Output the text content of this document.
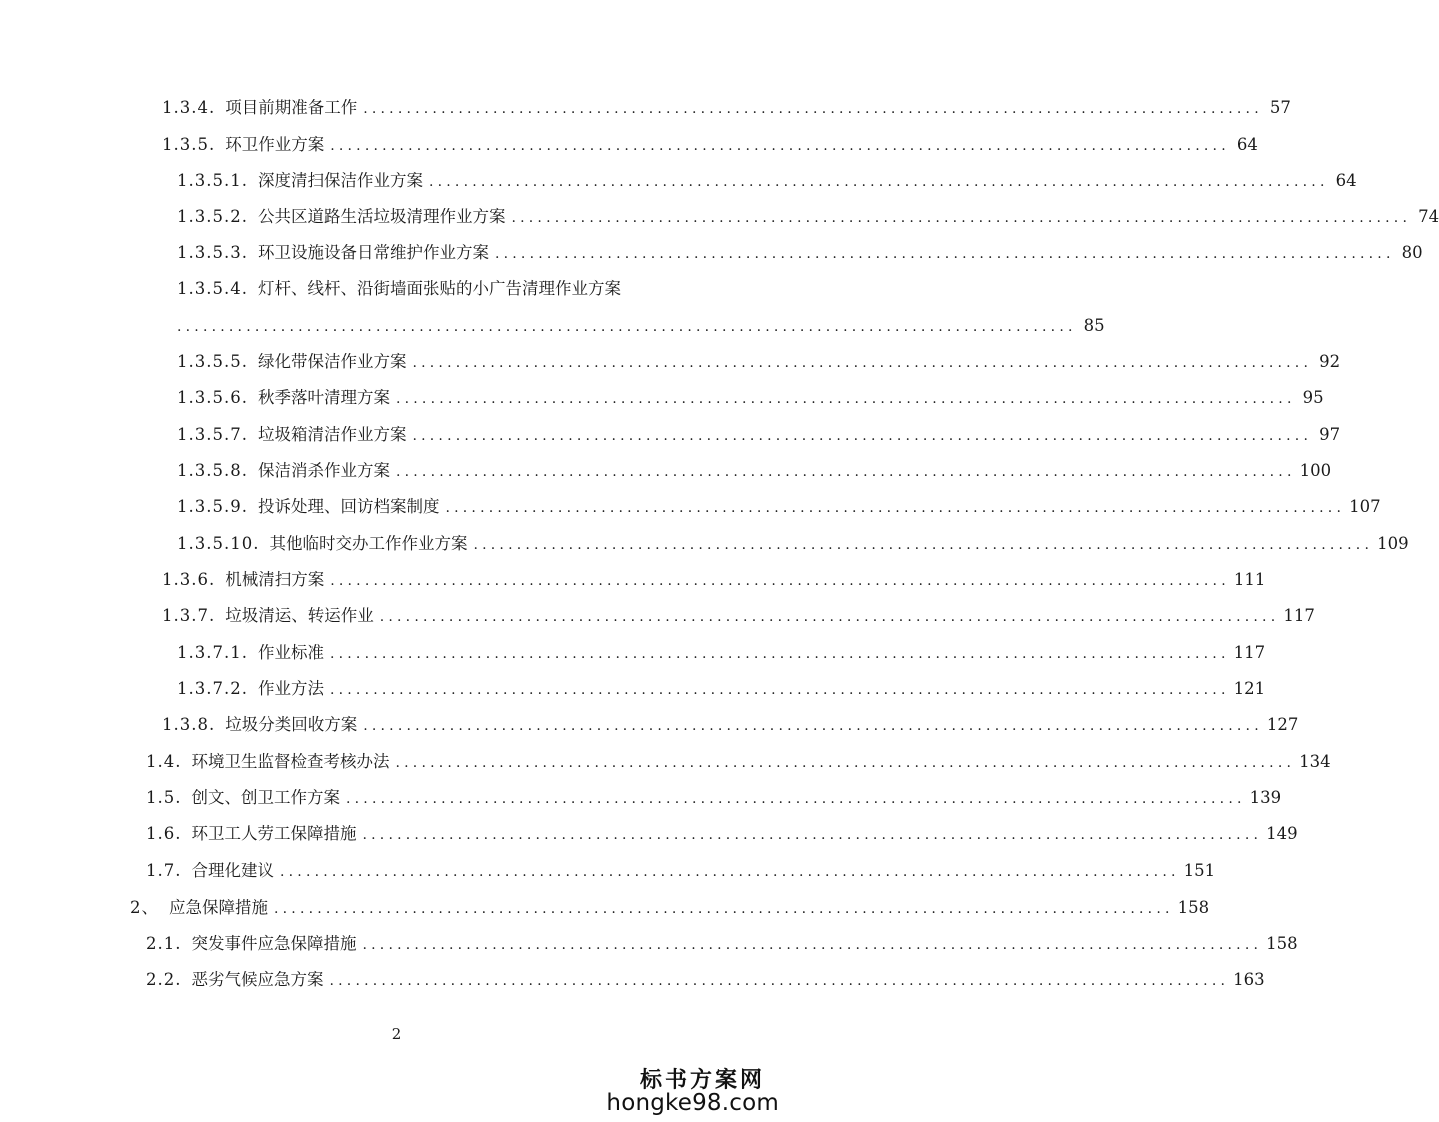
1.3.4. 项目前期准备工作 ........................................................................................................ 57
1.3.5. 环卫作业方案 ........................................................................................................ 64
1.3.5.1. 深度清扫保洁作业方案 ........................................................................................................ 64
1.3.5.2. 公共区道路生活垃圾清理作业方案 ........................................................................................................ 74
1.3.5.3. 环卫设施设备日常维护作业方案 ........................................................................................................ 80
1.3.5.4. 灯杆、线杆、沿街墙面张贴的小广告清理作业方案
........................................................................................................ 85
1.3.5.5. 绿化带保洁作业方案 ........................................................................................................ 92
1.3.5.6. 秋季落叶清理方案 ........................................................................................................ 95
1.3.5.7. 垃圾箱清洁作业方案 ........................................................................................................ 97
1.3.5.8. 保洁消杀作业方案 ........................................................................................................ 100
1.3.5.9. 投诉处理、回访档案制度 ........................................................................................................ 107
1.3.5.10. 其他临时交办工作作业方案 ........................................................................................................ 109
1.3.6. 机械清扫方案 ........................................................................................................ 111
1.3.7. 垃圾清运、转运作业 ........................................................................................................ 117
1.3.7.1. 作业标准 ........................................................................................................ 117
1.3.7.2. 作业方法 ........................................................................................................ 121
1.3.8. 垃圾分类回收方案 ........................................................................................................ 127
1.4. 环境卫生监督检查考核办法 ........................................................................................................ 134
1.5. 创文、创卫工作方案 ........................................................................................................ 139
1.6. 环卫工人劳工保障措施 ........................................................................................................ 149
1.7. 合理化建议 ........................................................................................................ 151
2、 应急保障措施 ........................................................................................................ 158
2.1. 突发事件应急保障措施 ........................................................................................................ 158
2.2. 恶劣气候应急方案 ........................................................................................................ 163
2
标书方案网
hongke98.com
